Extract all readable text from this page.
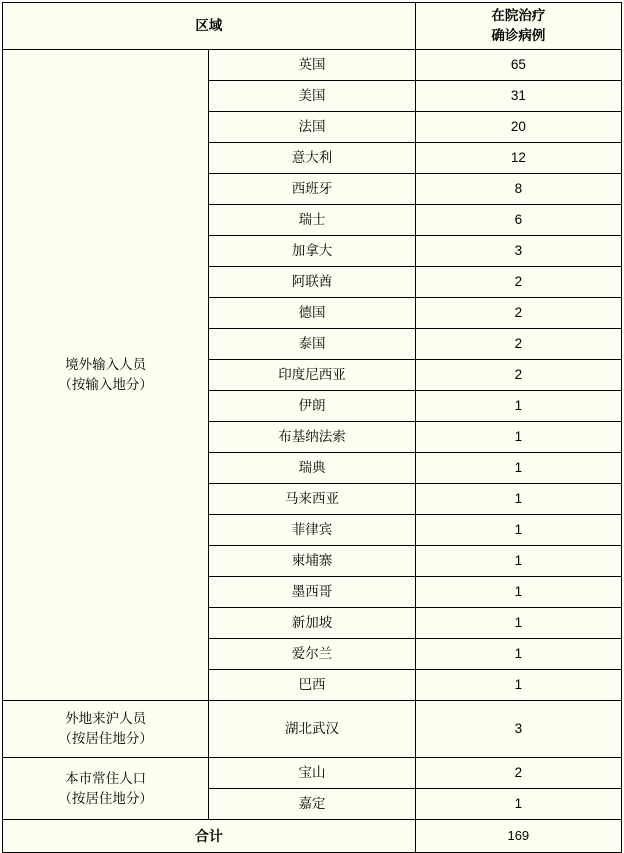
区域		在院治疗
确诊病例

境外输入人员
（按输入地分）	英国	65
	美国	31
	法国	20
	意大利	12
	西班牙	8
	瑞士	6
	加拿大	3
	阿联酋	2
	德国	2
	泰国	2
	印度尼西亚	2
	伊朗	1
	布基纳法索	1
	瑞典	1
	马来西亚	1
	菲律宾	1
	柬埔寨	1
	墨西哥	1
	新加坡	1
	爱尔兰	1
	巴西	1

外地来沪人员
（按居住地分）	湖北武汉	3

本市常住人口
（按居住地分）	宝山	2
	嘉定	1
合计		169
